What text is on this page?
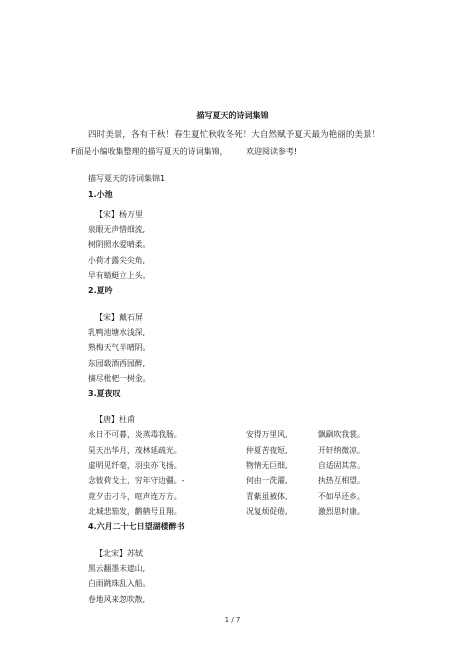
描写夏天的诗词集锦
四时美景，各有千秋！春生夏忙秋收冬死！大自然赋予夏天最为艳丽的美景！
F面是小编收集整理的描写夏天的诗词集锦， 欢迎阅读参考!
描写夏天的诗词集锦1
1.小池
【宋】杨万里
泉眼无声惜细流,
树阴照水爱晴柔。
小荷才露尖尖角,
早有蜻蜓立上头。
2.夏吟
【宋】戴石屏
乳鸭池塘水浅深,
熟梅天气半晴阴。
东园载酒西园醉,
摘尽枇杷一树金。
3.夏夜叹
【唐】杜甫
永日不可暮，炎蒸毒我肠。
昊天出华月，茂林延疏光。
虚明见纤毫，羽虫亦飞扬。
念彼荷戈士，穷年守边疆。-
竟夕击刁斗，喧声连万方。
北城悲笳发，鹳鹤号且翔。
安得万里风,
仲夏苦夜短,
物情无巨细,
何由一洗濯,
青紫虽被体,
况复烦促倦,
飘飖吹我裳。
开轩纳微凉。
自适固其常。
执热互相望。
不如早还乡。
激烈思时康。
4.六月二十七日望湖楼醉书
【北宋】苏轼
黑云翻墨未遮山,
白雨跳珠乱入船。
卷地风来忽吹散,
1 / 7
